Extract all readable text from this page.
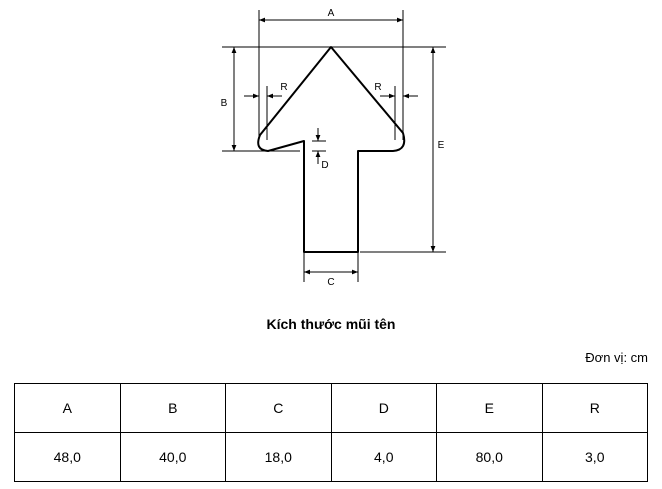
A
B
E
C
D
R	R
Kích thước mũi tên
Đơn vị: cm
A	B	C	D	E	R
48,0	40,0	18,0	4,0	80,0	3,0
